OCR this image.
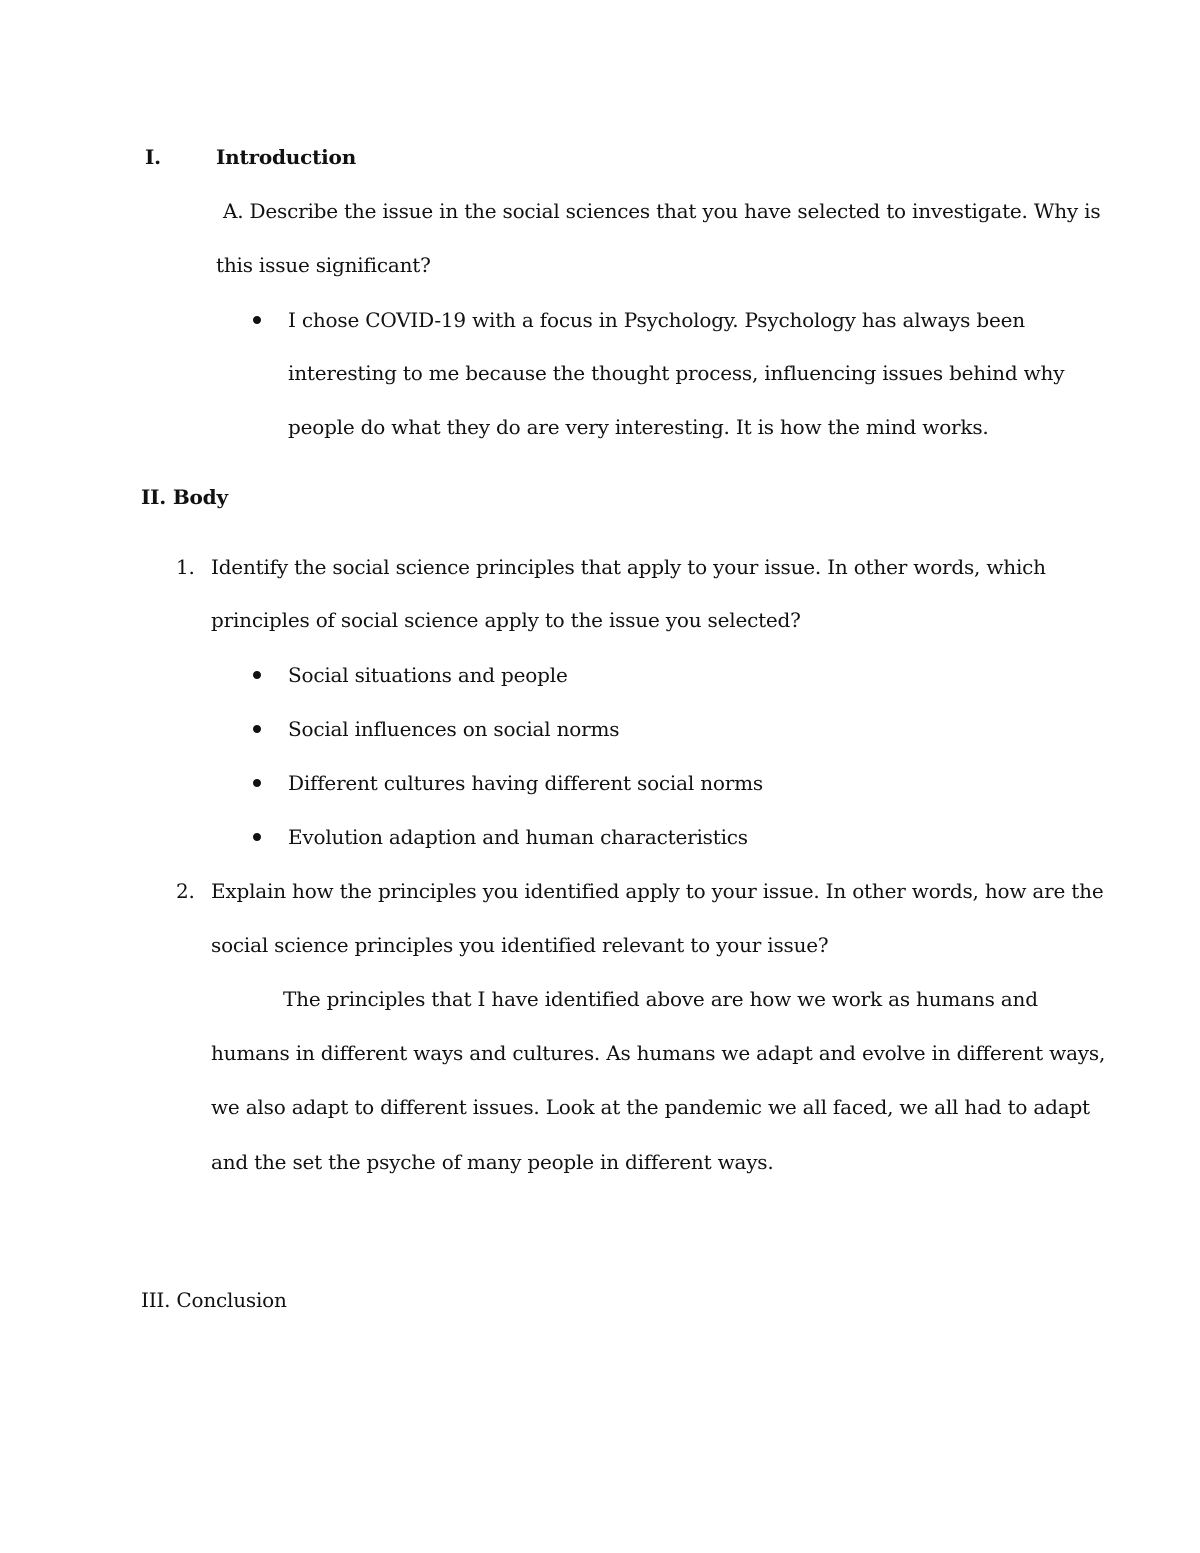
I.	Introduction
A. Describe the issue in the social sciences that you have selected to investigate. Why is
this issue significant?
I chose COVID-19 with a focus in Psychology. Psychology has always been
interesting to me because the thought process, influencing issues behind why
people do what they do are very interesting. It is how the mind works.
II. Body
1. Identify the social science principles that apply to your issue. In other words, which
principles of social science apply to the issue you selected?
Social situations and people
Social influences on social norms
Different cultures having different social norms
Evolution adaption and human characteristics
2. Explain how the principles you identified apply to your issue. In other words, how are the
social science principles you identified relevant to your issue?
The principles that I have identified above are how we work as humans and
humans in different ways and cultures. As humans we adapt and evolve in different ways,
we also adapt to different issues. Look at the pandemic we all faced, we all had to adapt
and the set the psyche of many people in different ways.
III. Conclusion
